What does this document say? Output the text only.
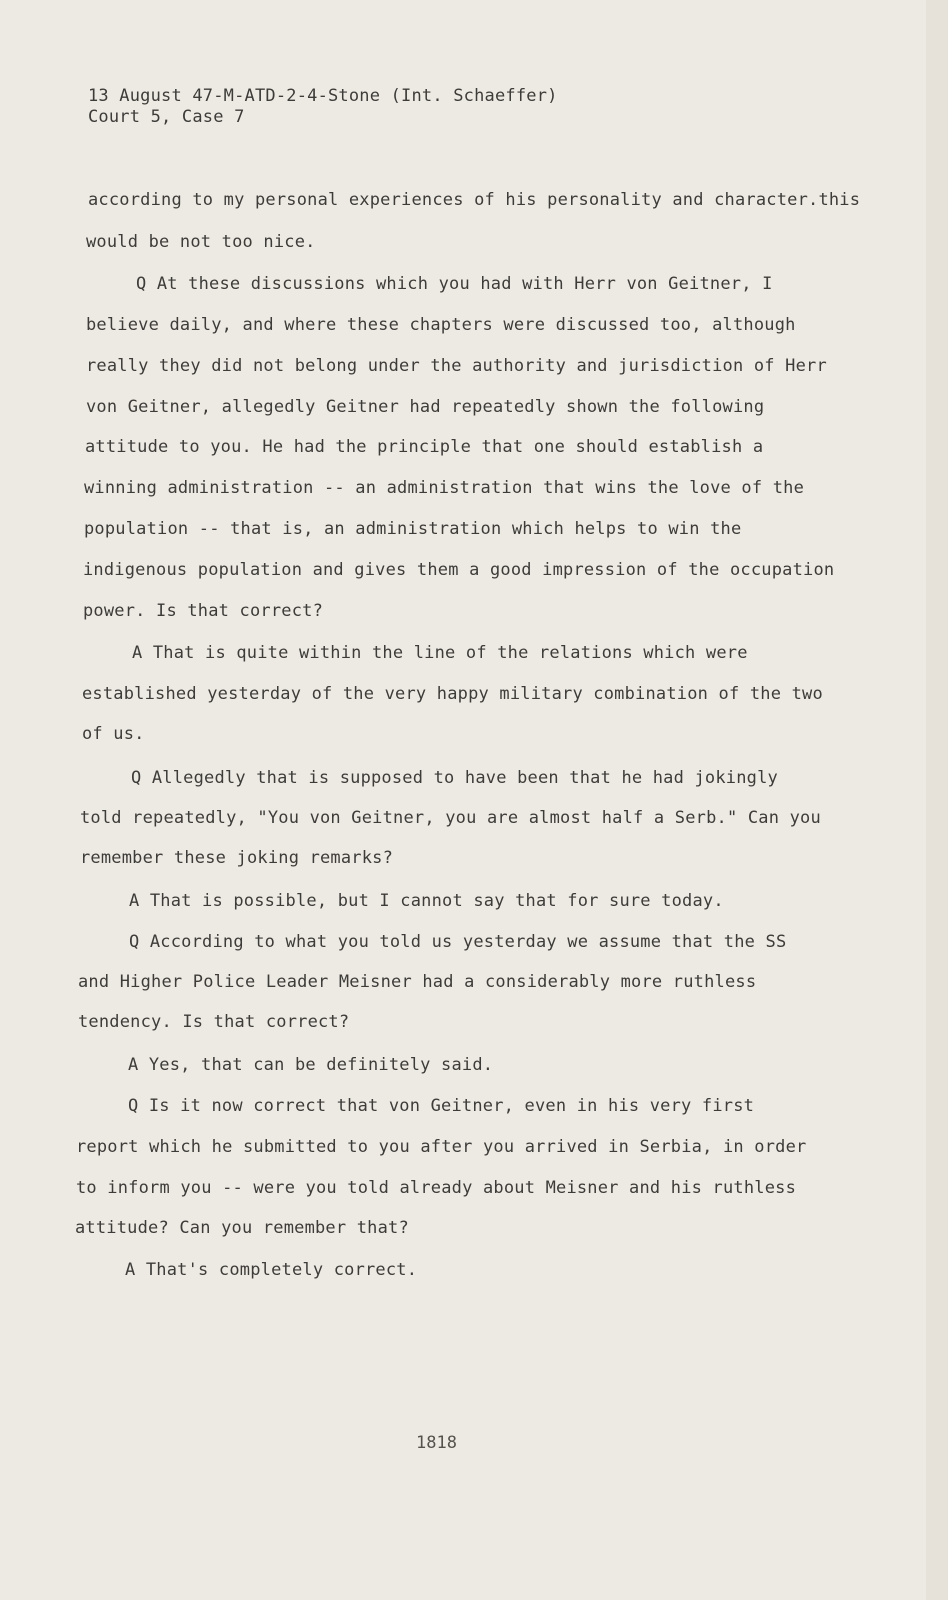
13 August 47-M-ATD-2-4-Stone (Int. Schaeffer)
Court 5, Case 7
according to my personal experiences of his personality and character.this
would be not too nice.
Q At these discussions which you had with Herr von Geitner, I
believe daily, and where these chapters were discussed too, although
really they did not belong under the authority and jurisdiction of Herr
von Geitner, allegedly Geitner had repeatedly shown the following
attitude to you. He had the principle that one should establish a
winning administration -- an administration that wins the love of the
population -- that is, an administration which helps to win the
indigenous population and gives them a good impression of the occupation
power. Is that correct?
A That is quite within the line of the relations which were
established yesterday of the very happy military combination of the two
of us.
Q Allegedly that is supposed to have been that he had jokingly
told repeatedly, "You von Geitner, you are almost half a Serb." Can you
remember these joking remarks?
A That is possible, but I cannot say that for sure today.
Q According to what you told us yesterday we assume that the SS
and Higher Police Leader Meisner had a considerably more ruthless
tendency. Is that correct?
A Yes, that can be definitely said.
Q Is it now correct that von Geitner, even in his very first
report which he submitted to you after you arrived in Serbia, in order
to inform you -- were you told already about Meisner and his ruthless
attitude? Can you remember that?
A That's completely correct.
1818
